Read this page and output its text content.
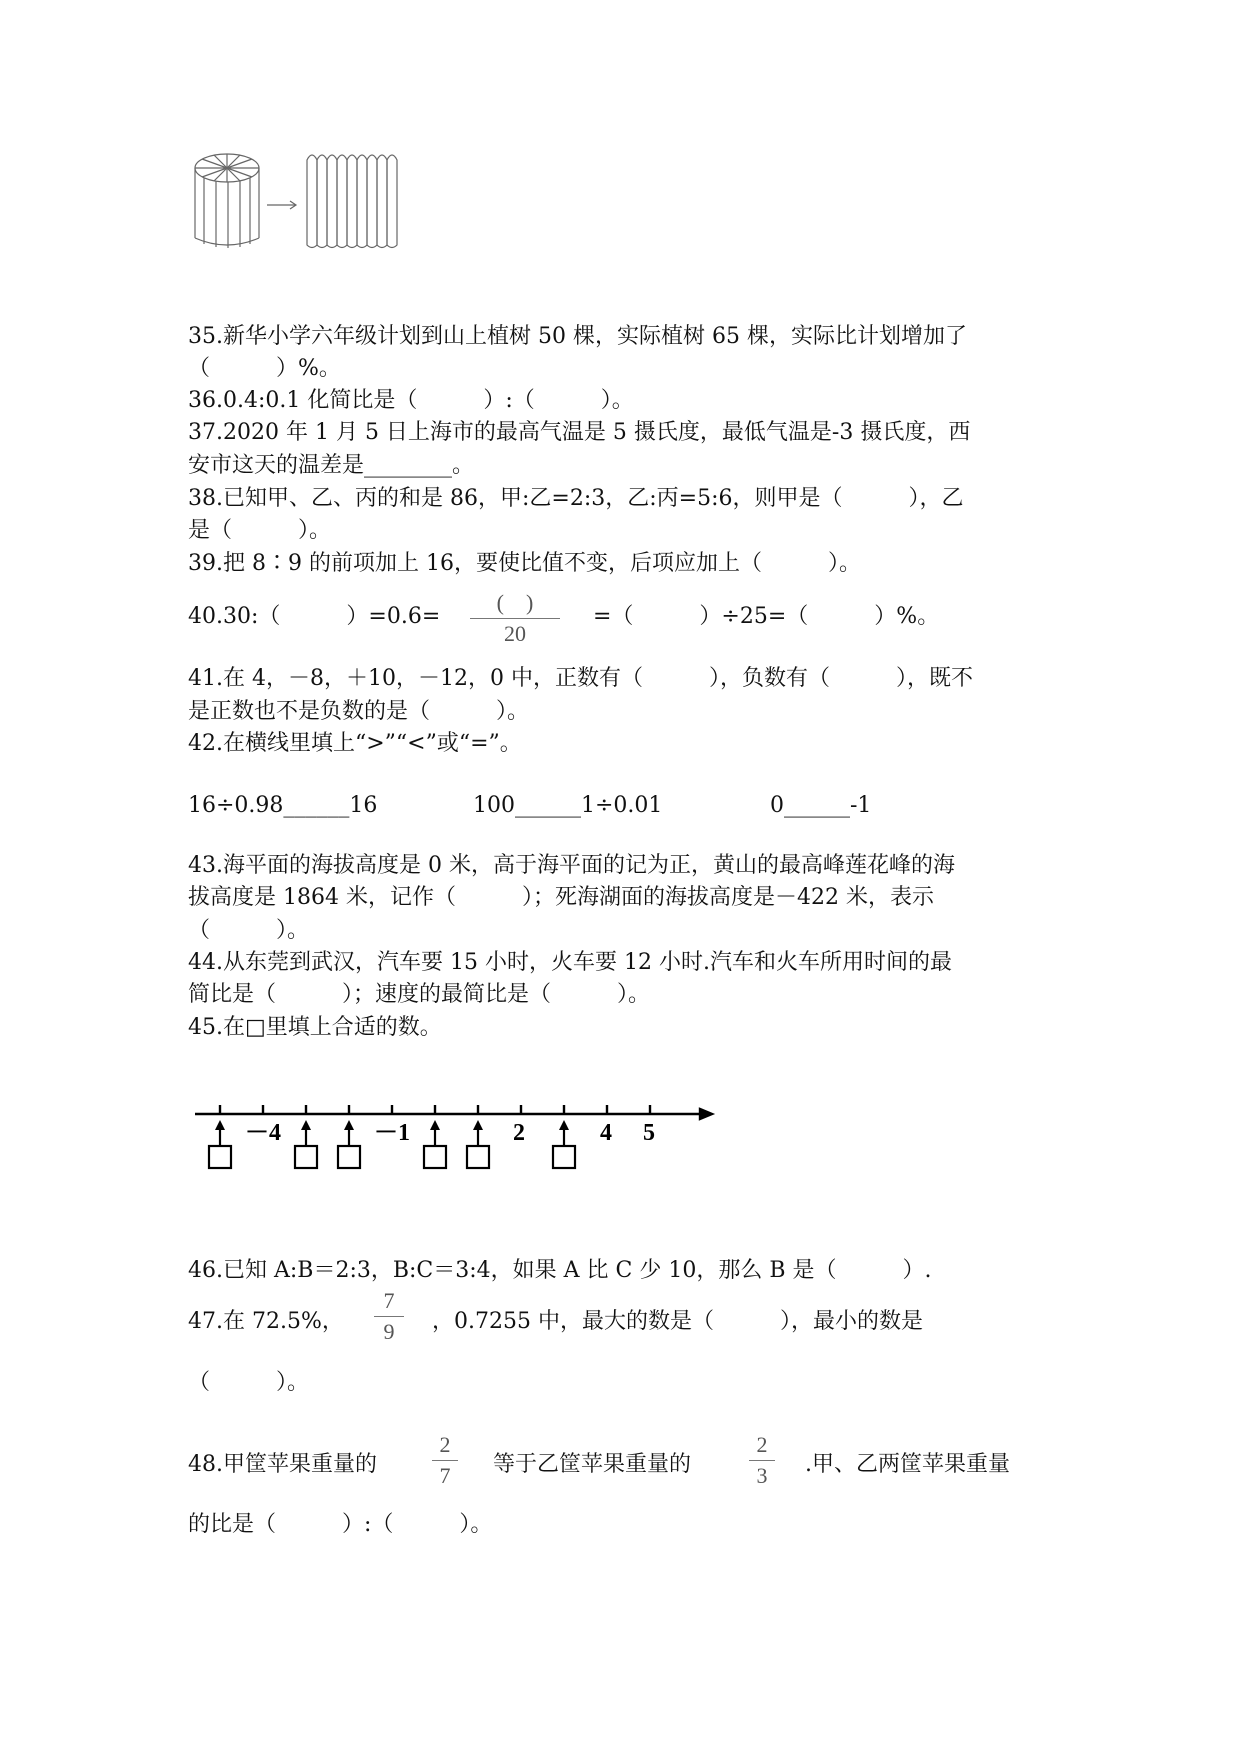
35.新华小学六年级计划到山上植树 50 棵，实际植树 65 棵，实际比计划增加了
（　　　）%。
36.0.4:0.1 化简比是（　　　）:（　　　）。
37.2020 年 1 月 5 日上海市的最高气温是 5 摄氏度，最低气温是-3 摄氏度，西
安市这天的温差是________。
38.已知甲、乙、丙的和是 86，甲:乙=2:3，乙:丙=5:6，则甲是（　　　），乙
是（　　　）。
39.把 8∶9 的前项加上 16，要使比值不变，后项应加上（　　　）。
40.30:（　　　）=0.6=
(　)
20
=（　　　）÷25=（　　　）%。
41.在 4，－8，＋10，－12，0 中，正数有（　　　），负数有（　　　），既不
是正数也不是负数的是（　　　）。
42.在横线里填上“>”“<”或“=”。
16÷0.98______16	100______1÷0.01	0______-1
43.海平面的海拔高度是 0 米，高于海平面的记为正，黄山的最高峰莲花峰的海
拔高度是 1864 米，记作（　　　）；死海湖面的海拔高度是－422 米，表示
（　　　）。
44.从东莞到武汉，汽车要 15 小时，火车要 12 小时.汽车和火车所用时间的最
简比是（　　　）；速度的最简比是（　　　）。
45.在□里填上合适的数。
－4	－1	2	4 5
46.已知 A:B＝2:3，B:C＝3:4，如果 A 比 C 少 10，那么 B 是（　　　）.
47.在 72.5%，
7
9	，0.7255 中，最大的数是（　　　），最小的数是
（　　　）。
48.甲筐苹果重量的
2
7	等于乙筐苹果重量的
2
3	.甲、乙两筐苹果重量
的比是（　　　）:（　　　）。
